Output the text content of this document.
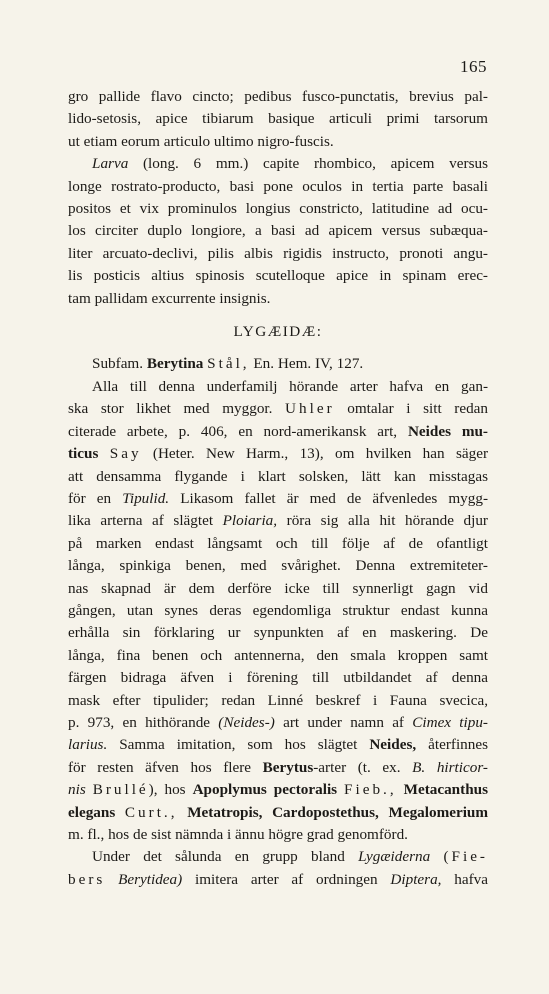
165
gro pallide flavo cincto; pedibus fusco-punctatis, brevius pal-
lido-setosis, apice tibiarum basique articuli primi tarsorum
ut etiam eorum articulo ultimo nigro-fuscis.
Larva (long. 6 mm.) capite rhombico, apicem versus
longe rostrato-producto, basi pone oculos in tertia parte basali
positos et vix prominulos longius constricto, latitudine ad ocu-
los circiter duplo longiore, a basi ad apicem versus subæqua-
liter arcuato-declivi, pilis albis rigidis instructo, pronoti angu-
lis posticis altius spinosis scutelloque apice in spinam erec-
tam pallidam excurrente insignis.
LYGÆIDÆ:
Subfam. Berytina Stål, En. Hem. IV, 127.
Alla till denna underfamilj hörande arter hafva en gan-
ska stor likhet med myggor. Uhler omtalar i sitt redan
citerade arbete, p. 406, en nord-amerikansk art, Neides mu-
ticus Say (Heter. New Harm., 13), om hvilken han säger
att densamma flygande i klart solsken, lätt kan misstagas
för en Tipulid. Likasom fallet är med de äfvenledes mygg-
lika arterna af slägtet Ploiaria, röra sig alla hit hörande djur
på marken endast långsamt och till följe af de ofantligt
långa, spinkiga benen, med svårighet. Denna extremiteter-
nas skapnad är dem derföre icke till synnerligt gagn vid
gången, utan synes deras egendomliga struktur endast kunna
erhålla sin förklaring ur synpunkten af en maskering. De
långa, fina benen och antennerna, den smala kroppen samt
färgen bidraga äfven i förening till utbildandet af denna
mask efter tipulider; redan Linné beskref i Fauna svecica,
p. 973, en hithörande (Neides-) art under namn af Cimex tipu-
larius. Samma imitation, som hos slägtet Neides, återfinnes
för resten äfven hos flere Berytus-arter (t. ex. B. hirticor-
nis Brullé), hos Apoplymus pectoralis Fieb., Metacanthus
elegans Curt., Metatropis, Cardopostethus, Megalomerium
m. fl., hos de sist nämnda i ännu högre grad genomförd.
Under det sålunda en grupp bland Lygæiderna (Fie-
bers Berytidea) imitera arter af ordningen Diptera, hafva
